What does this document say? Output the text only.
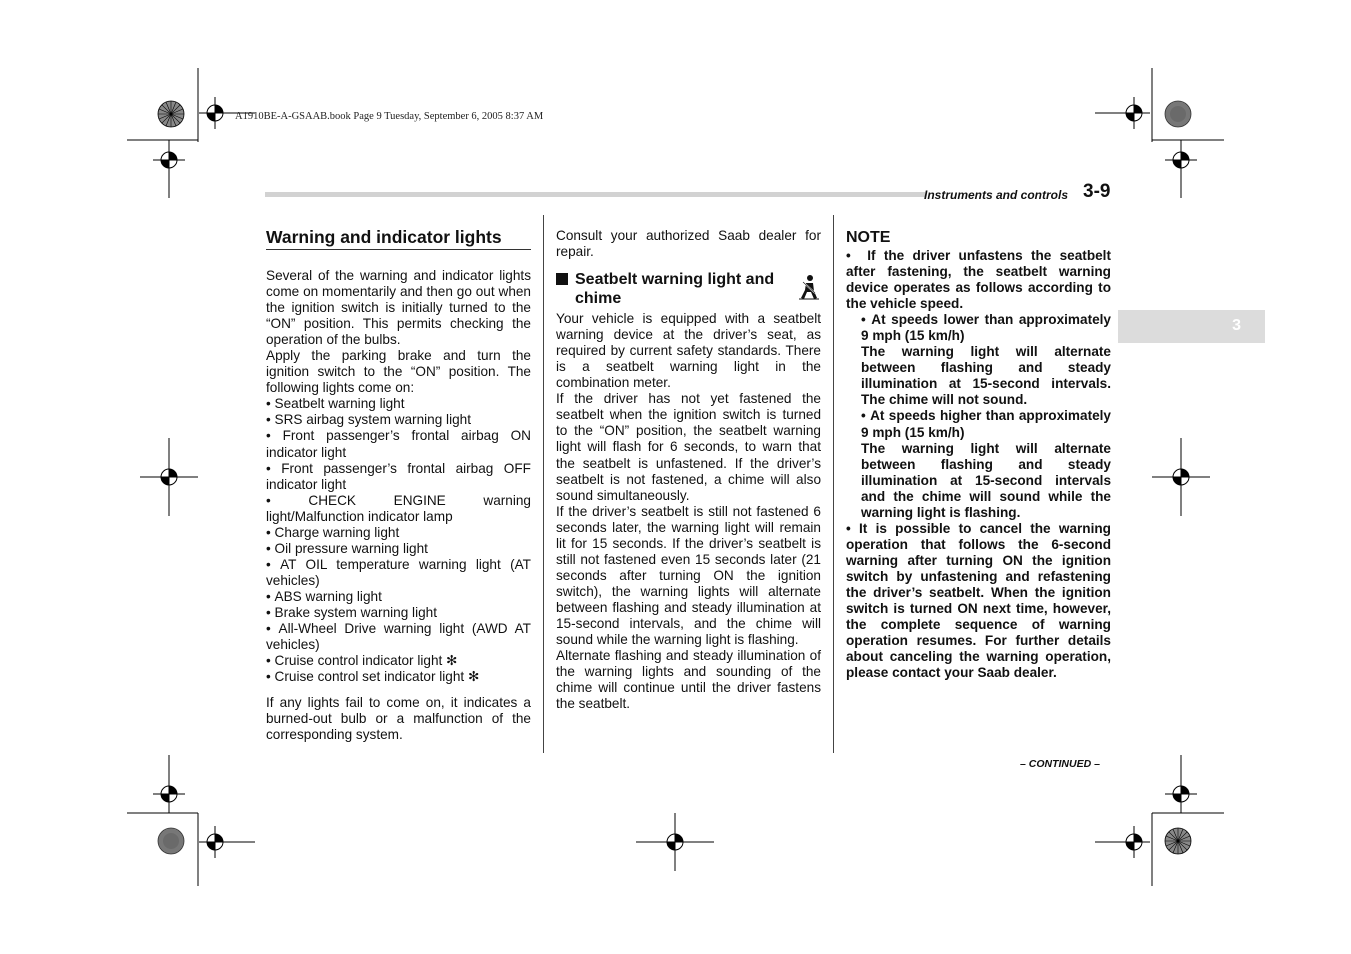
A1910BE-A-GSAAB.book Page 9 Tuesday, September 6, 2005 8:37 AM
Instruments and controls 3-9
3
Warning and indicator lights

Several of the warning and indicator lights come on momentarily and then go out when the ignition switch is initially turned to the “ON” position. This permits checking the operation of the bulbs.

Apply the parking brake and turn the ignition switch to the “ON” position. The following lights come on:

• Seatbelt warning light
• SRS airbag system warning light
• Front passenger’s frontal airbag ON indicator light
• Front passenger’s frontal airbag OFF indicator light
• CHECK ENGINE warning light/Malfunction indicator lamp
• Charge warning light
• Oil pressure warning light
• AT OIL temperature warning light (AT vehicles)
• ABS warning light
• Brake system warning light
• All-Wheel Drive warning light (AWD AT vehicles)
• Cruise control indicator light ✻
• Cruise control set indicator light ✻

If any lights fail to come on, it indicates a burned-out bulb or a malfunction of the corresponding system.

Consult your authorized Saab dealer for repair.

Seatbelt warning light and chime

Your vehicle is equipped with a seatbelt warning device at the driver’s seat, as required by current safety standards. There is a seatbelt warning light in the combination meter.

If the driver has not yet fastened the seatbelt when the ignition switch is turned to the “ON” position, the seatbelt warning light will flash for 6 seconds, to warn that the seatbelt is unfastened. If the driver’s seatbelt is not fastened, a chime will also sound simultaneously.

If the driver’s seatbelt is still not fastened 6 seconds later, the warning light will remain lit for 15 seconds. If the driver’s seatbelt is still not fastened even 15 seconds later (21 seconds after turning ON the ignition switch), the warning lights will alternate between flashing and steady illumination at 15-second intervals, and the chime will sound while the warning light is flashing.

Alternate flashing and steady illumination of the warning lights and sounding of the chime will continue until the driver fastens the seatbelt.

NOTE
• If the driver unfastens the seatbelt after fastening, the seatbelt warning device operates as follows according to the vehicle speed.
• At speeds lower than approximately 9 mph (15 km/h)
The warning light will alternate between flashing and steady illumination at 15-second intervals. The chime will not sound.
• At speeds higher than approximately 9 mph (15 km/h)
The warning light will alternate between flashing and steady illumination at 15-second intervals and the chime will sound while the warning light is flashing.
• It is possible to cancel the warning operation that follows the 6-second warning after turning ON the ignition switch by unfastening and refastening the driver’s seatbelt. When the ignition switch is turned ON next time, however, the complete sequence of warning operation resumes. For further details about canceling the warning operation, please contact your Saab dealer.
– CONTINUED –
